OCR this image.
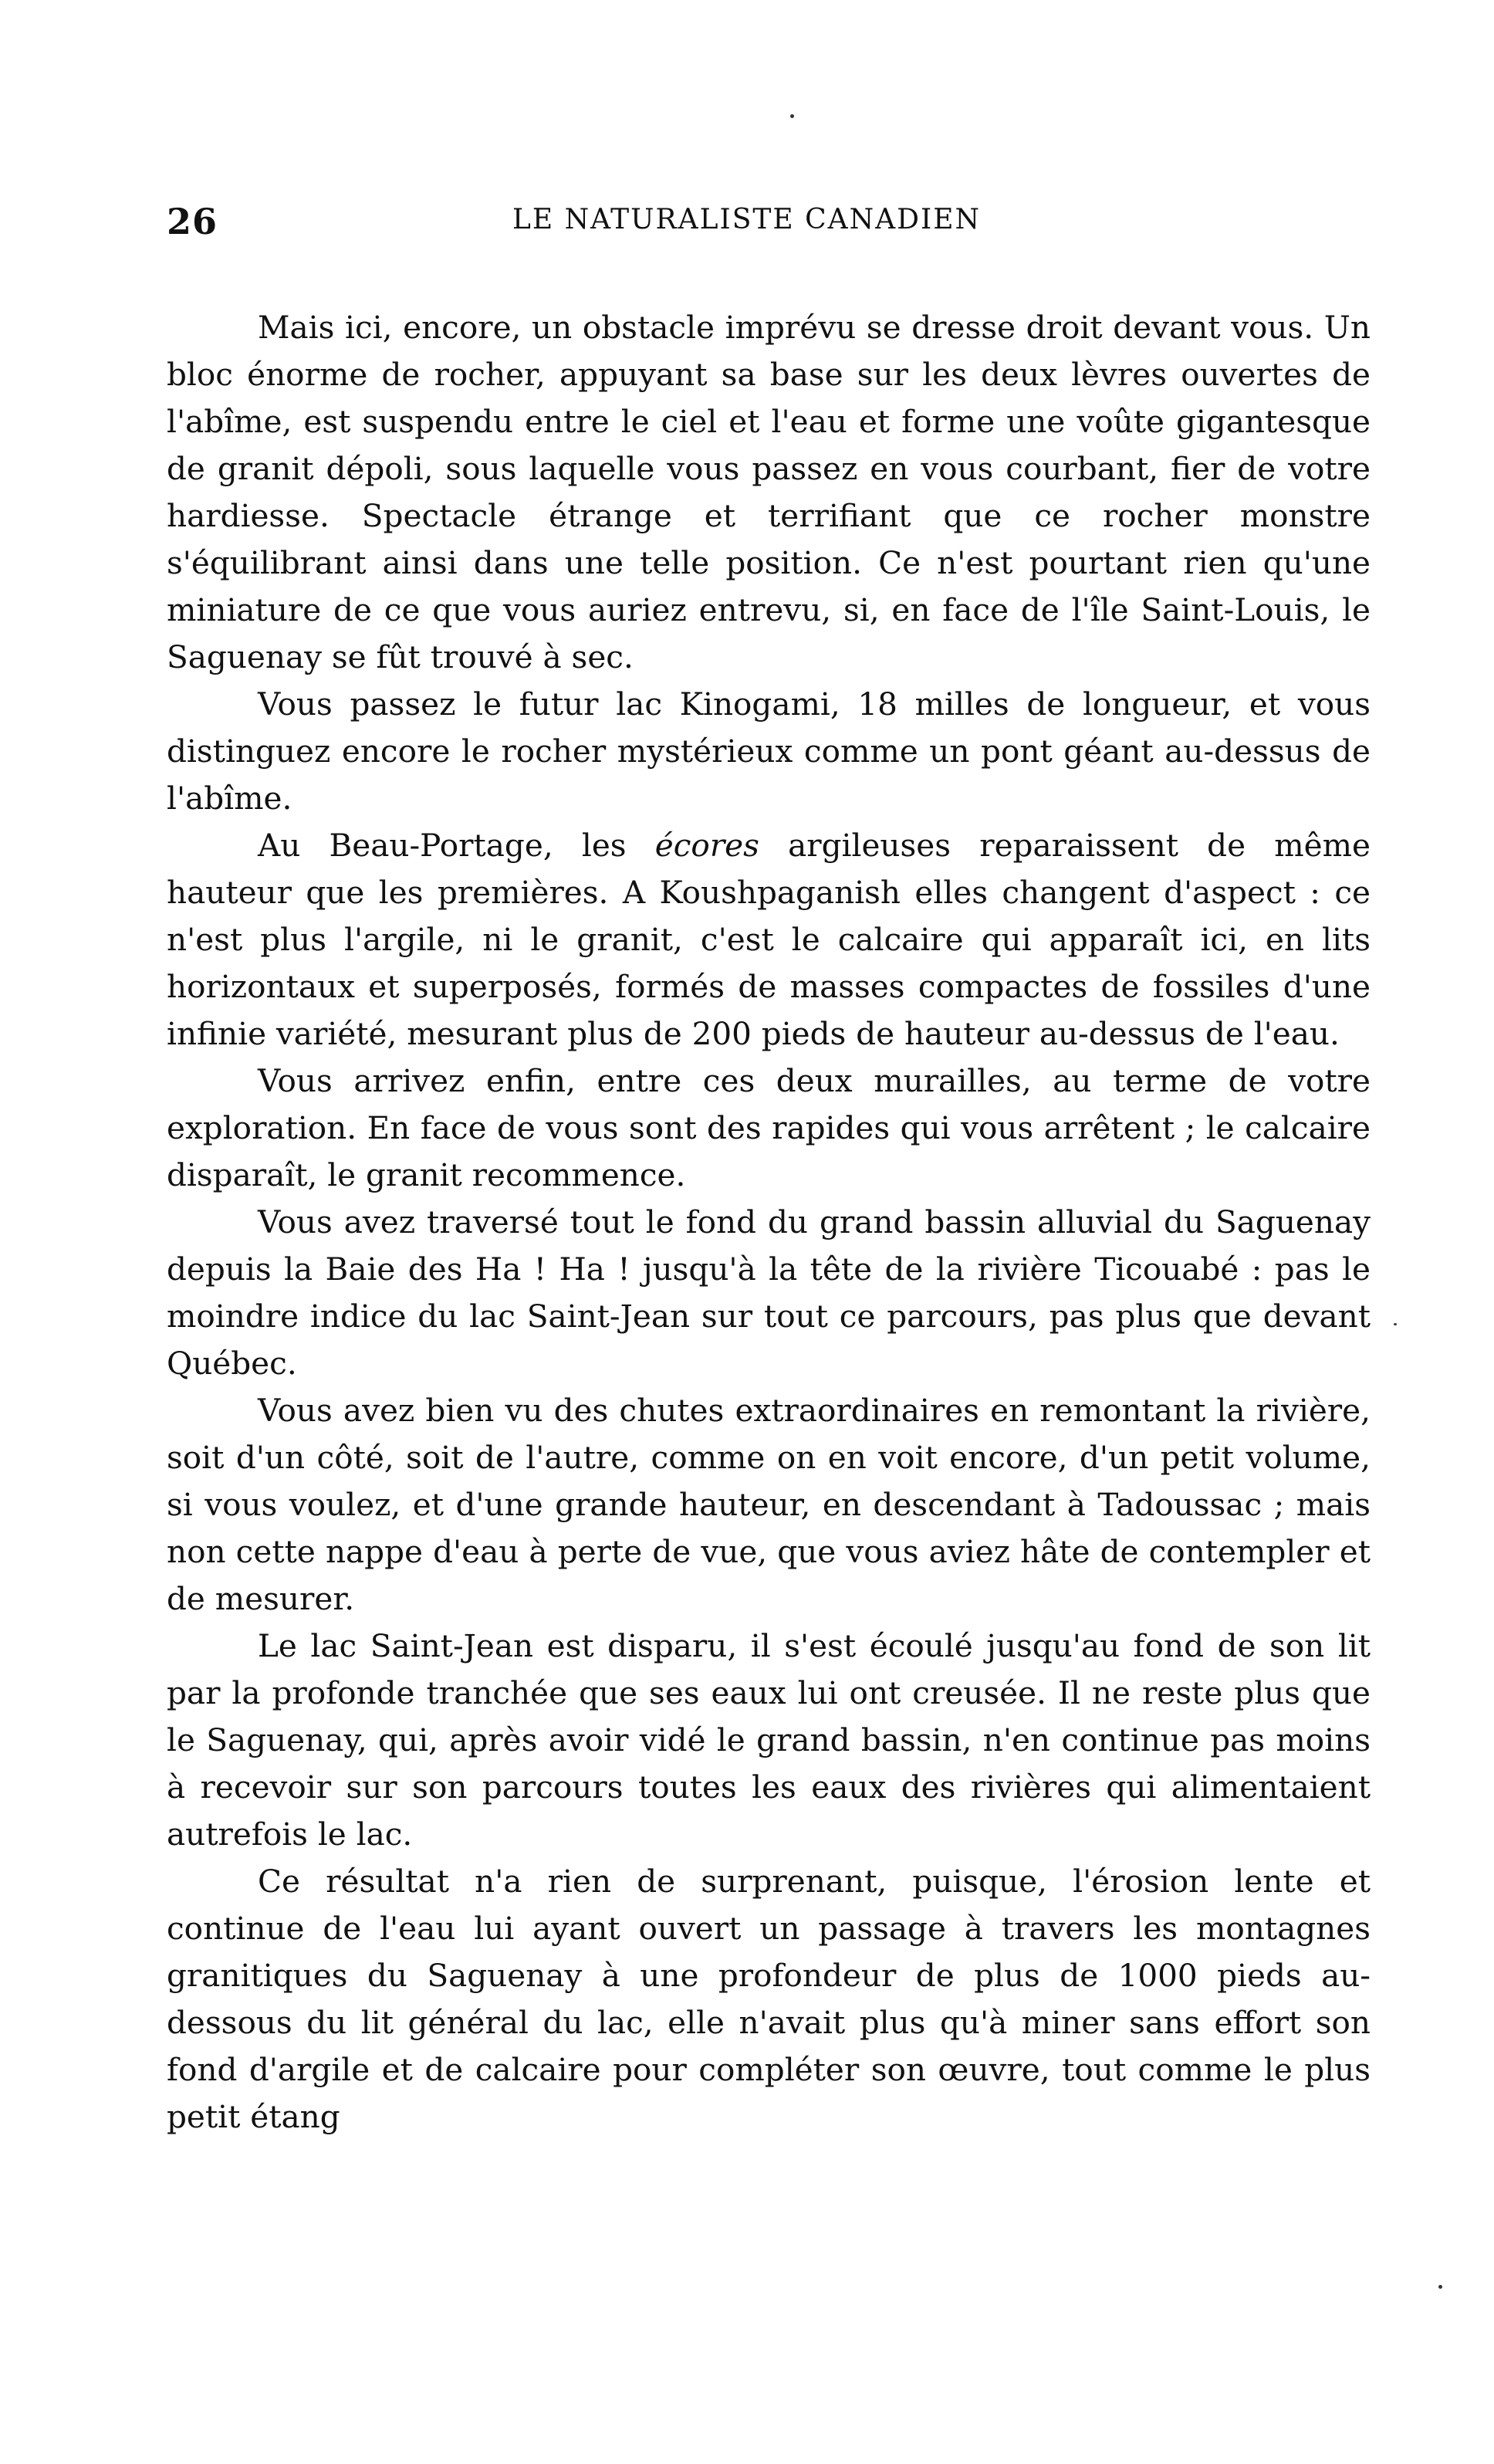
26	LE NATURALISTE CANADIEN

Mais ici, encore, un obstacle imprévu se dresse droit devant vous. Un bloc énorme de rocher, appuyant sa base sur les deux lèvres ouvertes de l'abîme, est suspendu entre le ciel et l'eau et forme une voûte gigantesque de granit dépoli, sous laquelle vous passez en vous courbant, fier de votre hardiesse. Spectacle étrange et terrifiant que ce rocher monstre s'équilibrant ainsi dans une telle position. Ce n'est pourtant rien qu'une miniature de ce que vous auriez entrevu, si, en face de l'île Saint-Louis, le Saguenay se fût trouvé à sec.

Vous passez le futur lac Kinogami, 18 milles de longueur, et vous distinguez encore le rocher mystérieux comme un pont géant au-dessus de l'abîme.

Au Beau-Portage, les écores argileuses reparaissent de même hauteur que les premières. A Koushpaganish elles changent d'aspect : ce n'est plus l'argile, ni le granit, c'est le calcaire qui apparaît ici, en lits horizontaux et superposés, formés de masses compactes de fossiles d'une infinie variété, mesurant plus de 200 pieds de hauteur au-dessus de l'eau.

Vous arrivez enfin, entre ces deux murailles, au terme de votre exploration. En face de vous sont des rapides qui vous arrêtent ; le calcaire disparaît, le granit recommence.

Vous avez traversé tout le fond du grand bassin alluvial du Saguenay depuis la Baie des Ha ! Ha ! jusqu'à la tête de la rivière Ticouabé : pas le moindre indice du lac Saint-Jean sur tout ce parcours, pas plus que devant Québec.

Vous avez bien vu des chutes extraordinaires en remontant la rivière, soit d'un côté, soit de l'autre, comme on en voit encore, d'un petit volume, si vous voulez, et d'une grande hauteur, en descendant à Tadoussac ; mais non cette nappe d'eau à perte de vue, que vous aviez hâte de contempler et de mesurer.

Le lac Saint-Jean est disparu, il s'est écoulé jusqu'au fond de son lit par la profonde tranchée que ses eaux lui ont creusée. Il ne reste plus que le Saguenay, qui, après avoir vidé le grand bassin, n'en continue pas moins à recevoir sur son parcours toutes les eaux des rivières qui alimentaient autrefois le lac.

Ce résultat n'a rien de surprenant, puisque, l'érosion lente et continue de l'eau lui ayant ouvert un passage à travers les montagnes granitiques du Saguenay à une profondeur de plus de 1000 pieds au-dessous du lit général du lac, elle n'avait plus qu'à miner sans effort son fond d'argile et de calcaire pour compléter son œuvre, tout comme le plus petit étang
